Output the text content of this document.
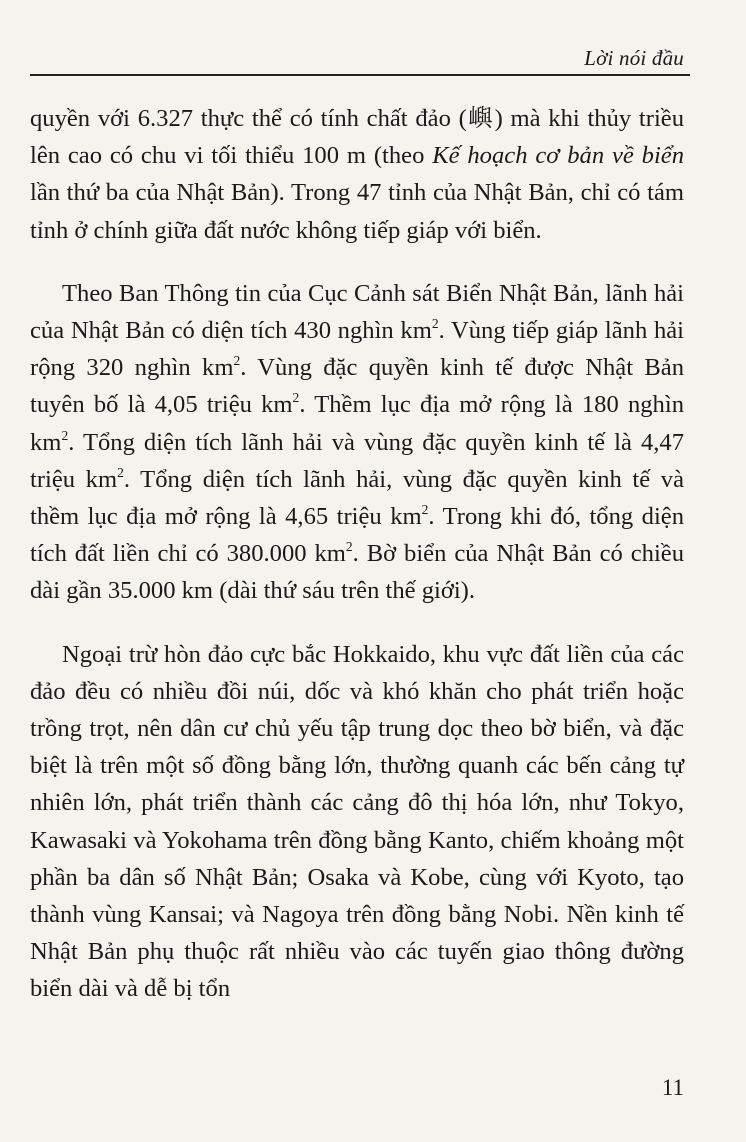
Lời nói đầu

quyền với 6.327 thực thể có tính chất đảo (嶼) mà khi thủy triều lên cao có chu vi tối thiểu 100 m (theo Kế hoạch cơ bản về biển lần thứ ba của Nhật Bản). Trong 47 tỉnh của Nhật Bản, chỉ có tám tỉnh ở chính giữa đất nước không tiếp giáp với biển.

Theo Ban Thông tin của Cục Cảnh sát Biển Nhật Bản, lãnh hải của Nhật Bản có diện tích 430 nghìn $km^2$. Vùng tiếp giáp lãnh hải rộng 320 nghìn $km^2$. Vùng đặc quyền kinh tế được Nhật Bản tuyên bố là 4,05 triệu $km^2$. Thềm lục địa mở rộng là 180 nghìn $km^2$. Tổng diện tích lãnh hải và vùng đặc quyền kinh tế là 4,47 triệu $km^2$. Tổng diện tích lãnh hải, vùng đặc quyền kinh tế và thềm lục địa mở rộng là 4,65 triệu $km^2$. Trong khi đó, tổng diện tích đất liền chỉ có 380.000 $km^2$. Bờ biển của Nhật Bản có chiều dài gần 35.000 km (dài thứ sáu trên thế giới).

Ngoại trừ hòn đảo cực bắc Hokkaido, khu vực đất liền của các đảo đều có nhiều đồi núi, dốc và khó khăn cho phát triển hoặc trồng trọt, nên dân cư chủ yếu tập trung dọc theo bờ biển, và đặc biệt là trên một số đồng bằng lớn, thường quanh các bến cảng tự nhiên lớn, phát triển thành các cảng đô thị hóa lớn, như Tokyo, Kawasaki và Yokohama trên đồng bằng Kanto, chiếm khoảng một phần ba dân số Nhật Bản; Osaka và Kobe, cùng với Kyoto, tạo thành vùng Kansai; và Nagoya trên đồng bằng Nobi. Nền kinh tế Nhật Bản phụ thuộc rất nhiều vào các tuyến giao thông đường biển dài và dễ bị tổn

11
